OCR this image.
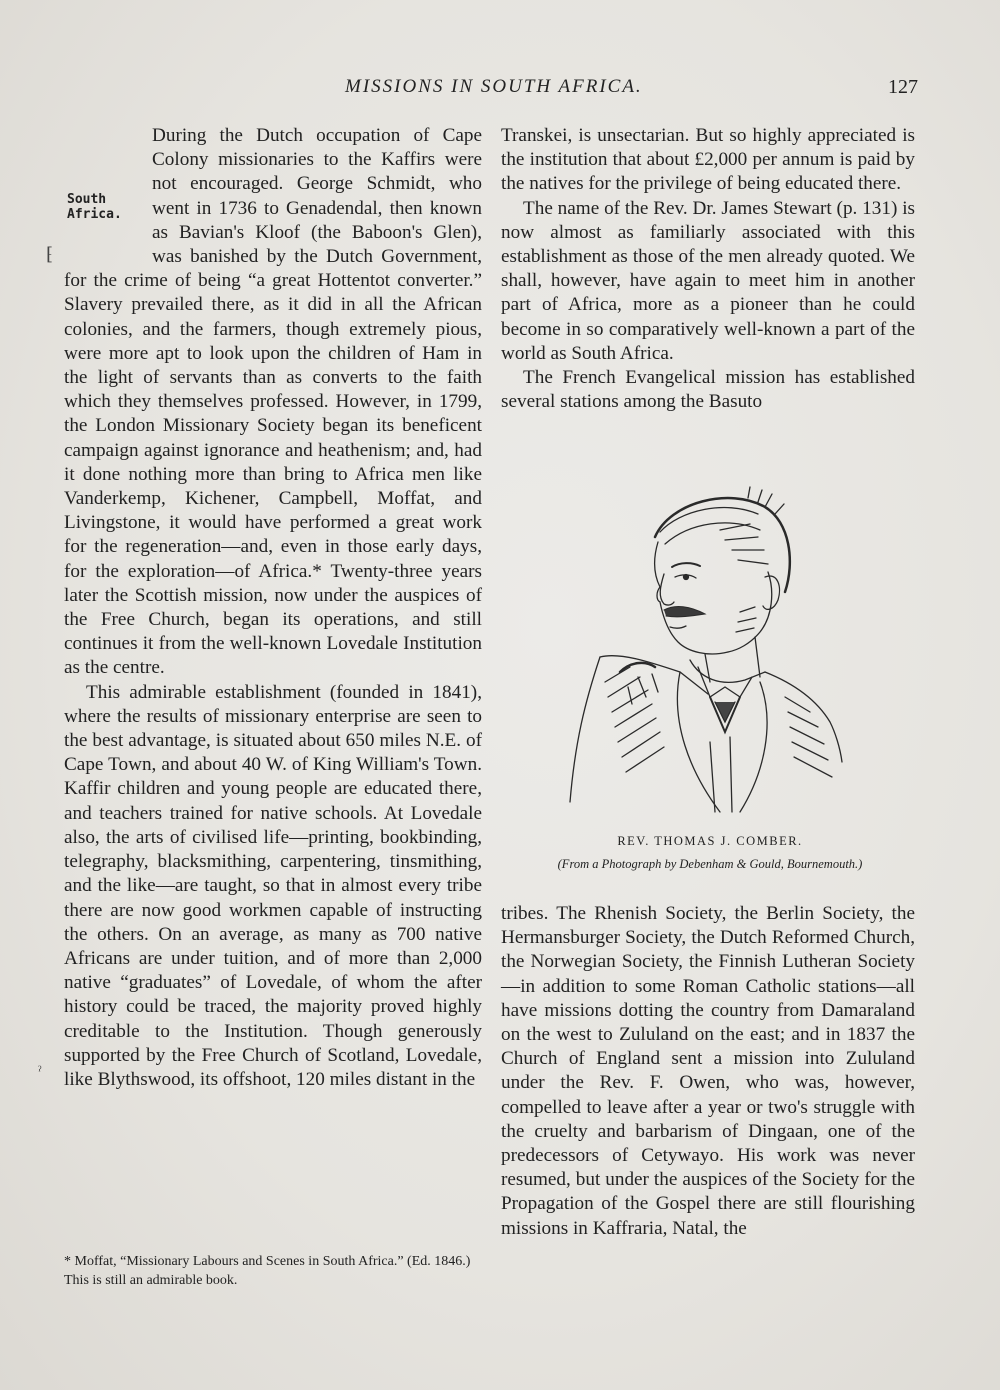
MISSIONS IN SOUTH AFRICA.	127
South
Africa.
⁅

During the Dutch occupation of Cape Colony missionaries to the Kaffirs were not encouraged. George Schmidt, who went in 1736 to Genadendal, then known as Bavian's Kloof (the Baboon's Glen), was banished by the Dutch Government, for the crime of being “a great Hottentot converter.” Slavery prevailed there, as it did in all the African colonies, and the farmers, though extremely pious, were more apt to look upon the children of Ham in the light of servants than as converts to the faith which they themselves professed. However, in 1799, the London Missionary Society began its beneficent campaign against ignorance and heathenism; and, had it done nothing more than bring to Africa men like Vanderkemp, Kichener, Campbell, Moffat, and Livingstone, it would have performed a great work for the regeneration—and, even in those early days, for the exploration—of Africa.* Twenty-three years later the Scottish mission, now under the auspices of the Free Church, began its operations, and still continues it from the well-known Lovedale Institution as the centre.

This admirable establishment (founded in 1841), where the results of missionary enterprise are seen to the best advantage, is situated about 650 miles N.E. of Cape Town, and about 40 W. of King William's Town. Kaffir children and young people are educated there, and teachers trained for native schools. At Lovedale also, the arts of civilised life—printing, bookbinding, telegraphy, blacksmithing, carpentering, tinsmithing, and the like—are taught, so that in almost every tribe there are now good workmen capable of instructing the others. On an average, as many as 700 native Africans are under tuition, and of more than 2,000 native “graduates” of Lovedale, of whom the after history could be traced, the majority proved highly creditable to the Institution. Though generously supported by the Free Church of Scotland, Lovedale, like Blythswood, its offshoot, 120 miles distant in the

* Moffat, “Missionary Labours and Scenes in South Africa.” (Ed. 1846.) This is still an admirable book.

Transkei, is unsectarian. But so highly appreciated is the institution that about £2,000 per annum is paid by the natives for the privilege of being educated there.

The name of the Rev. Dr. James Stewart (p. 131) is now almost as familiarly associated with this establishment as those of the men already quoted. We shall, however, have again to meet him in another part of Africa, more as a pioneer than he could become in so comparatively well-known a part of the world as South Africa.

The French Evangelical mission has established several stations among the Basuto

REV. THOMAS J. COMBER.
(From a Photograph by Debenham & Gould, Bournemouth.)

tribes. The Rhenish Society, the Berlin Society, the Hermansburger Society, the Dutch Reformed Church, the Norwegian Society, the Finnish Lutheran Society—in addition to some Roman Catholic stations—all have missions dotting the country from Damaraland on the west to Zululand on the east; and in 1837 the Church of England sent a mission into Zululand under the Rev. F. Owen, who was, however, compelled to leave after a year or two's struggle with the cruelty and barbarism of Dingaan, one of the predecessors of Cetywayo. His work was never resumed, but under the auspices of the Society for the Propagation of the Gospel there are still flourishing missions in Kaffraria, Natal, the

ˀ
